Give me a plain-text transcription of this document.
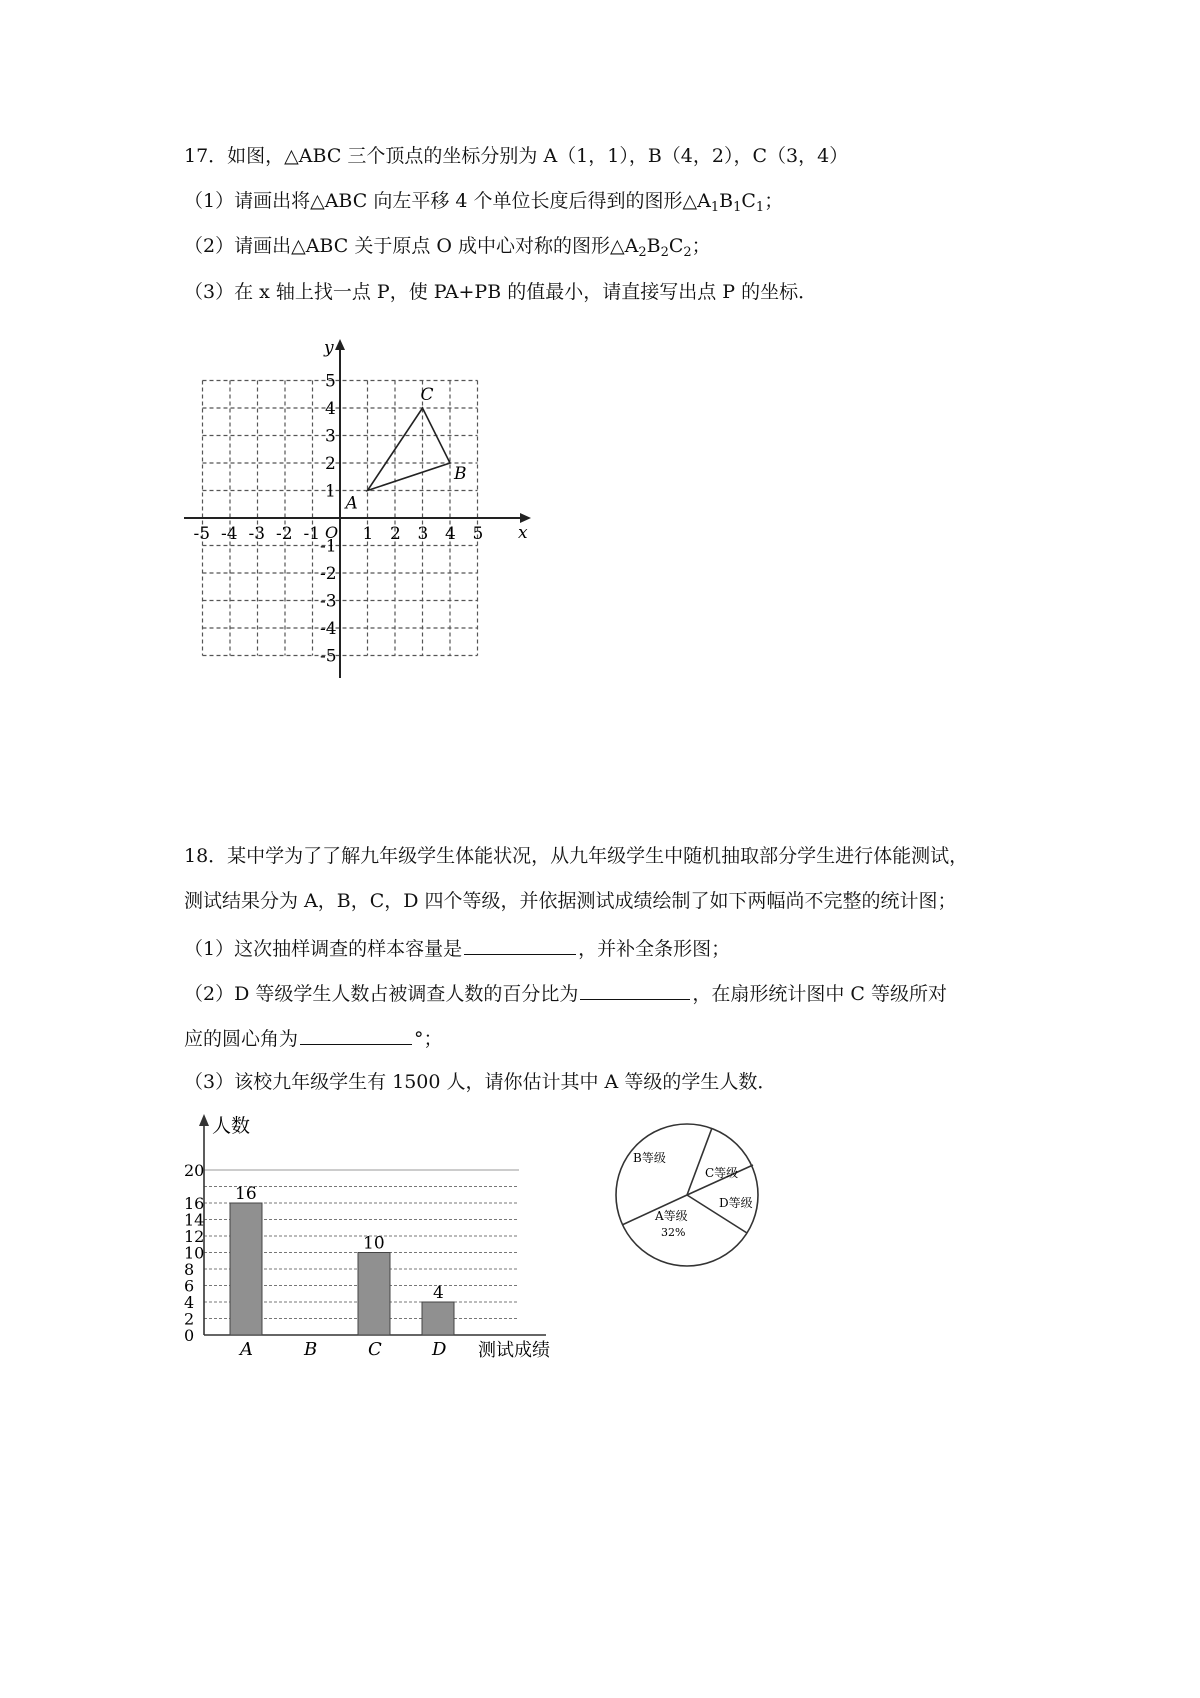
17．如图，△ABC 三个顶点的坐标分别为 A（1，1），B（4，2），C（3，4）
（1）请画出将△ABC 向左平移 4 个单位长度后得到的图形$\triangle A_1B_1C_1$；
（2）请画出△ABC 关于原点 O 成中心对称的图形$\triangle A_2B_2C_2$；
（3）在 x 轴上找一点 P，使 PA+PB 的值最小，请直接写出点 P 的坐标．
x
y
O
-5 -4 -3 -2 -1 1 2 3 4 5
5
4
3
2
1
-1
-2
-3
-4
-5
A
B
C
18．某中学为了了解九年级学生体能状况，从九年级学生中随机抽取部分学生进行体能测试，
测试结果分为 A，B，C，D 四个等级，并依据测试成绩绘制了如下两幅尚不完整的统计图；
（1）这次抽样调查的样本容量是	，并补全条形图；
（2）D 等级学生人数占被调查人数的百分比为	，在扇形统计图中 C 等级所对
应的圆心角为	°；
（3）该校九年级学生有 1500 人，请你估计其中 A 等级的学生人数．
人数
测试成绩
0
2
4
6
8
10
12
14
16
20
A	B	C	D
16
10
4
B等级
C等级
D等级
A等级
32%
